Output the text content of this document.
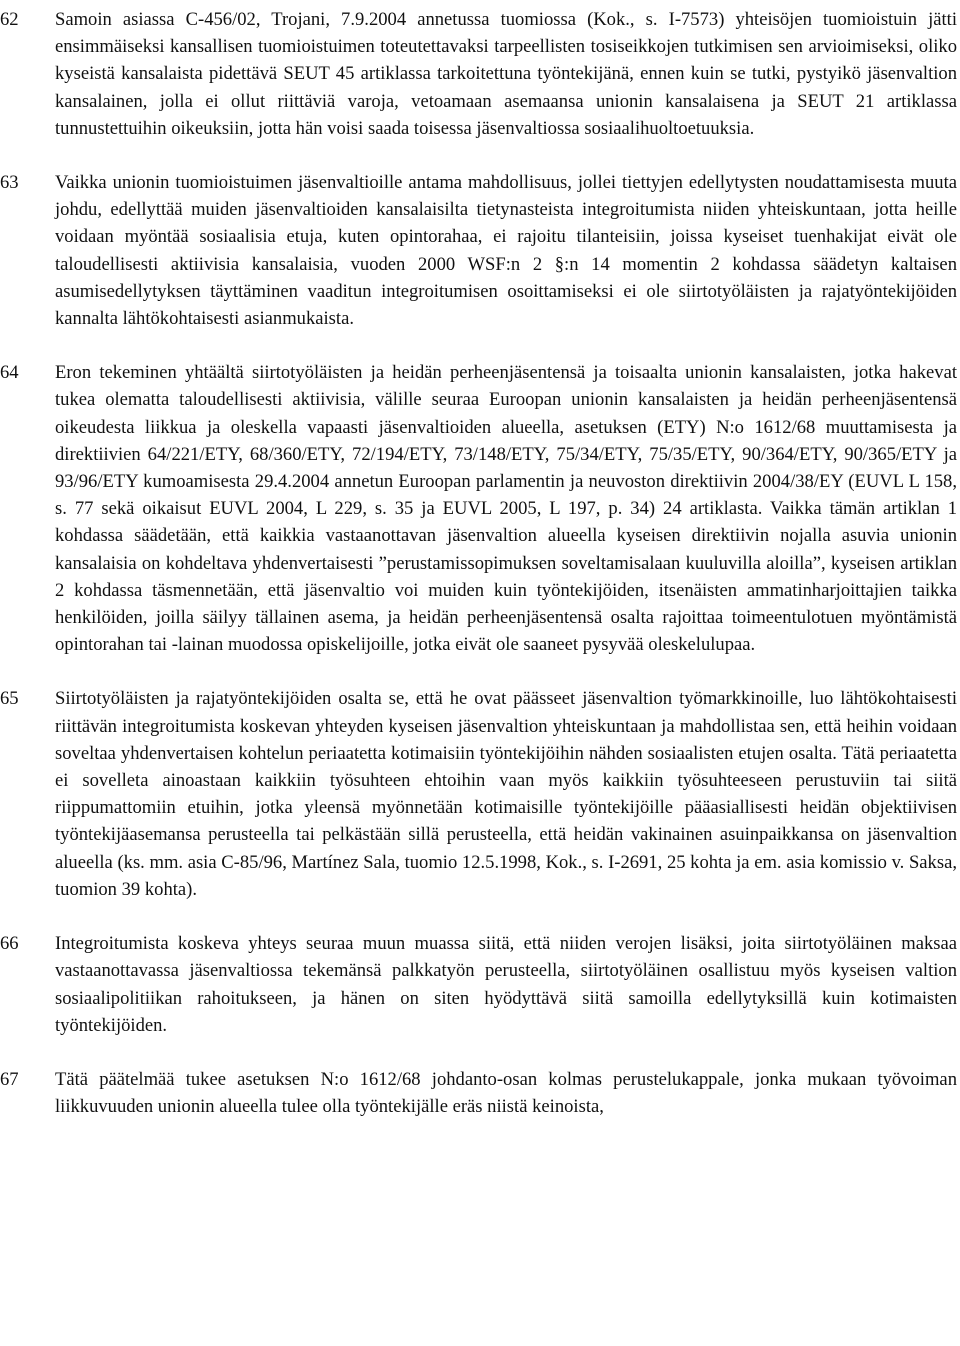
62	Samoin asiassa C-456/02, Trojani, 7.9.2004 annetussa tuomiossa (Kok., s. I-7573) yhteisöjen tuomioistuin jätti ensimmäiseksi kansallisen tuomioistuimen toteutettavaksi tarpeellisten tosiseikkojen tutkimisen sen arvioimiseksi, oliko kyseistä kansalaista pidettävä SEUT 45 artiklassa tarkoitettuna työntekijänä, ennen kuin se tutki, pystyikö jäsenvaltion kansalainen, jolla ei ollut riittäviä varoja, vetoamaan asemaansa unionin kansalaisena ja SEUT 21 artiklassa tunnustettuihin oikeuksiin, jotta hän voisi saada toisessa jäsenvaltiossa sosiaalihuoltoetuuksia.
63	Vaikka unionin tuomioistuimen jäsenvaltioille antama mahdollisuus, jollei tiettyjen edellytysten noudattamisesta muuta johdu, edellyttää muiden jäsenvaltioiden kansalaisilta tietynasteista integroitumista niiden yhteiskuntaan, jotta heille voidaan myöntää sosiaalisia etuja, kuten opintorahaa, ei rajoitu tilanteisiin, joissa kyseiset tuenhakijat eivät ole taloudellisesti aktiivisia kansalaisia, vuoden 2000 WSF:n 2 §:n 14 momentin 2 kohdassa säädetyn kaltaisen asumisedellytyksen täyttäminen vaaditun integroitumisen osoittamiseksi ei ole siirtotyöläisten ja rajatyöntekijöiden kannalta lähtökohtaisesti asianmukaista.
64	Eron tekeminen yhtäältä siirtotyöläisten ja heidän perheenjäsentensä ja toisaalta unionin kansalaisten, jotka hakevat tukea olematta taloudellisesti aktiivisia, välille seuraa Euroopan unionin kansalaisten ja heidän perheenjäsentensä oikeudesta liikkua ja oleskella vapaasti jäsenvaltioiden alueella, asetuksen (ETY) N:o 1612/68 muuttamisesta ja direktiivien 64/221/ETY, 68/360/ETY, 72/194/ETY, 73/148/ETY, 75/34/ETY, 75/35/ETY, 90/364/ETY, 90/365/ETY ja 93/96/ETY kumoamisesta 29.4.2004 annetun Euroopan parlamentin ja neuvoston direktiivin 2004/38/EY (EUVL L 158, s. 77 sekä oikaisut EUVL 2004, L 229, s. 35 ja EUVL 2005, L 197, p. 34) 24 artiklasta. Vaikka tämän artiklan 1 kohdassa säädetään, että kaikkia vastaanottavan jäsenvaltion alueella kyseisen direktiivin nojalla asuvia unionin kansalaisia on kohdeltava yhdenvertaisesti ”perustamissopimuksen soveltamisalaan kuuluvilla aloilla”, kyseisen artiklan 2 kohdassa täsmennetään, että jäsenvaltio voi muiden kuin työntekijöiden, itsenäisten ammatinharjoittajien taikka henkilöiden, joilla säilyy tällainen asema, ja heidän perheenjäsentensä osalta rajoittaa toimeentulotuen myöntämistä opintorahan tai -lainan muodossa opiskelijoille, jotka eivät ole saaneet pysyvää oleskelulupaa.
65	Siirtotyöläisten ja rajatyöntekijöiden osalta se, että he ovat päässeet jäsenvaltion työmarkkinoille, luo lähtökohtaisesti riittävän integroitumista koskevan yhteyden kyseisen jäsenvaltion yhteiskuntaan ja mahdollistaa sen, että heihin voidaan soveltaa yhdenvertaisen kohtelun periaatetta kotimaisiin työntekijöihin nähden sosiaalisten etujen osalta. Tätä periaatetta ei sovelleta ainoastaan kaikkiin työsuhteen ehtoihin vaan myös kaikkiin työsuhteeseen perustuviin tai siitä riippumattomiin etuihin, jotka yleensä myönnetään kotimaisille työntekijöille pääasiallisesti heidän objektiivisen työntekijäasemansa perusteella tai pelkästään sillä perusteella, että heidän vakinainen asuinpaikkansa on jäsenvaltion alueella (ks. mm. asia C-85/96, Martínez Sala, tuomio 12.5.1998, Kok., s. I-2691, 25 kohta ja em. asia komissio v. Saksa, tuomion 39 kohta).
66	Integroitumista koskeva yhteys seuraa muun muassa siitä, että niiden verojen lisäksi, joita siirtotyöläinen maksaa vastaanottavassa jäsenvaltiossa tekemänsä palkkatyön perusteella, siirtotyöläinen osallistuu myös kyseisen valtion sosiaalipolitiikan rahoitukseen, ja hänen on siten hyödyttävä siitä samoilla edellytyksillä kuin kotimaisten työntekijöiden.
67	Tätä päätelmää tukee asetuksen N:o 1612/68 johdanto-osan kolmas perustelukappale, jonka mukaan työvoiman liikkuvuuden unionin alueella tulee olla työntekijälle eräs niistä keinoista,
